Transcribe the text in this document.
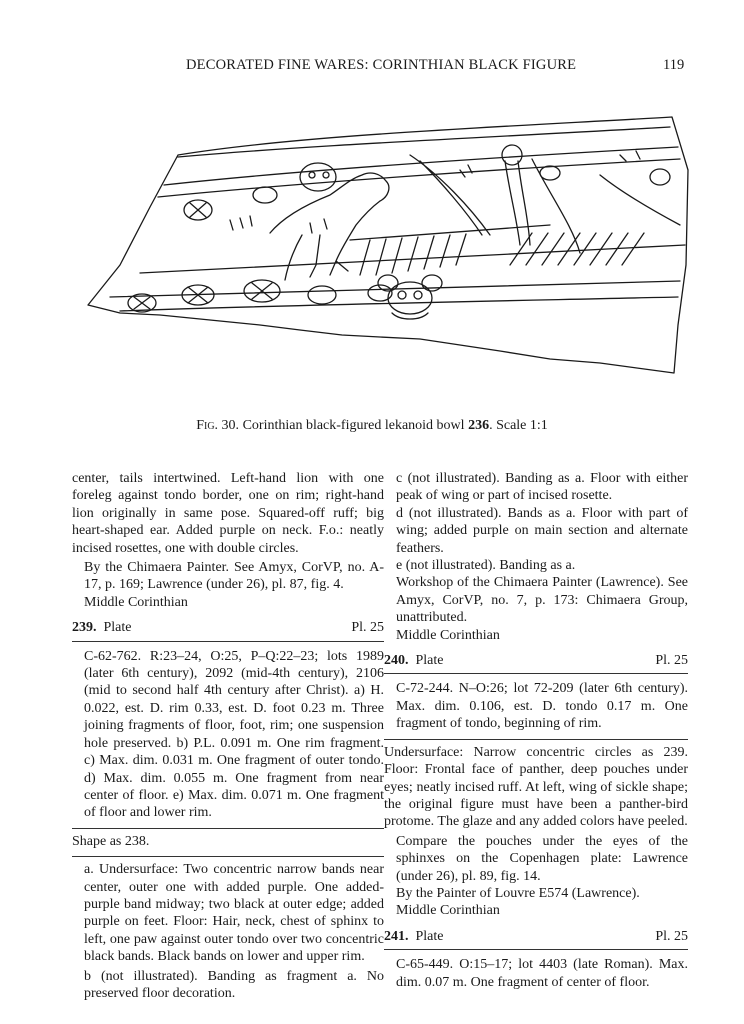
DECORATED FINE WARES: CORINTHIAN BLACK FIGURE	119
Fig. 30. Corinthian black-figured lekanoid bowl 236. Scale 1:1

center, tails intertwined. Left-hand lion with one foreleg against tondo border, one on rim; right-hand lion originally in same pose. Squared-off ruff; big heart-shaped ear. Added purple on neck. F.o.: neatly incised rosettes, one with double circles.

By the Chimaera Painter. See Amyx, CorVP, no. A-17, p. 169; Lawrence (under 26), pl. 87, fig. 4.

Middle Corinthian

239. Plate	Pl. 25

C-62-762. R:23–24, O:25, P–Q:22–23; lots 1989 (later 6th century), 2092 (mid-4th century), 2106 (mid to second half 4th century after Christ). a) H. 0.022, est. D. rim 0.33, est. D. foot 0.23 m. Three joining fragments of floor, foot, rim; one suspension hole preserved. b) P.L. 0.091 m. One rim fragment. c) Max. dim. 0.031 m. One fragment of outer tondo. d) Max. dim. 0.055 m. One fragment from near center of floor. e) Max. dim. 0.071 m. One fragment of floor and lower rim.

Shape as 238.

a. Undersurface: Two concentric narrow bands near center, outer one with added purple. One added-purple band midway; two black at outer edge; added purple on feet. Floor: Hair, neck, chest of sphinx to left, one paw against outer tondo over two concentric black bands. Black bands on lower and upper rim.

b (not illustrated). Banding as fragment a. No preserved floor decoration.

c (not illustrated). Banding as a. Floor with either peak of wing or part of incised rosette.

d (not illustrated). Bands as a. Floor with part of wing; added purple on main section and alternate feathers.

e (not illustrated). Banding as a.

Workshop of the Chimaera Painter (Lawrence). See Amyx, CorVP, no. 7, p. 173: Chimaera Group, unattributed.

Middle Corinthian

240. Plate	Pl. 25

C-72-244. N–O:26; lot 72-209 (later 6th century). Max. dim. 0.106, est. D. tondo 0.17 m. One fragment of tondo, beginning of rim.

Undersurface: Narrow concentric circles as 239. Floor: Frontal face of panther, deep pouches under eyes; neatly incised ruff. At left, wing of sickle shape; the original figure must have been a panther-bird protome. The glaze and any added colors have peeled.

Compare the pouches under the eyes of the sphinxes on the Copenhagen plate: Lawrence (under 26), pl. 89, fig. 14.

By the Painter of Louvre E574 (Lawrence).

Middle Corinthian

241. Plate	Pl. 25

C-65-449. O:15–17; lot 4403 (late Roman). Max. dim. 0.07 m. One fragment of center of floor.
